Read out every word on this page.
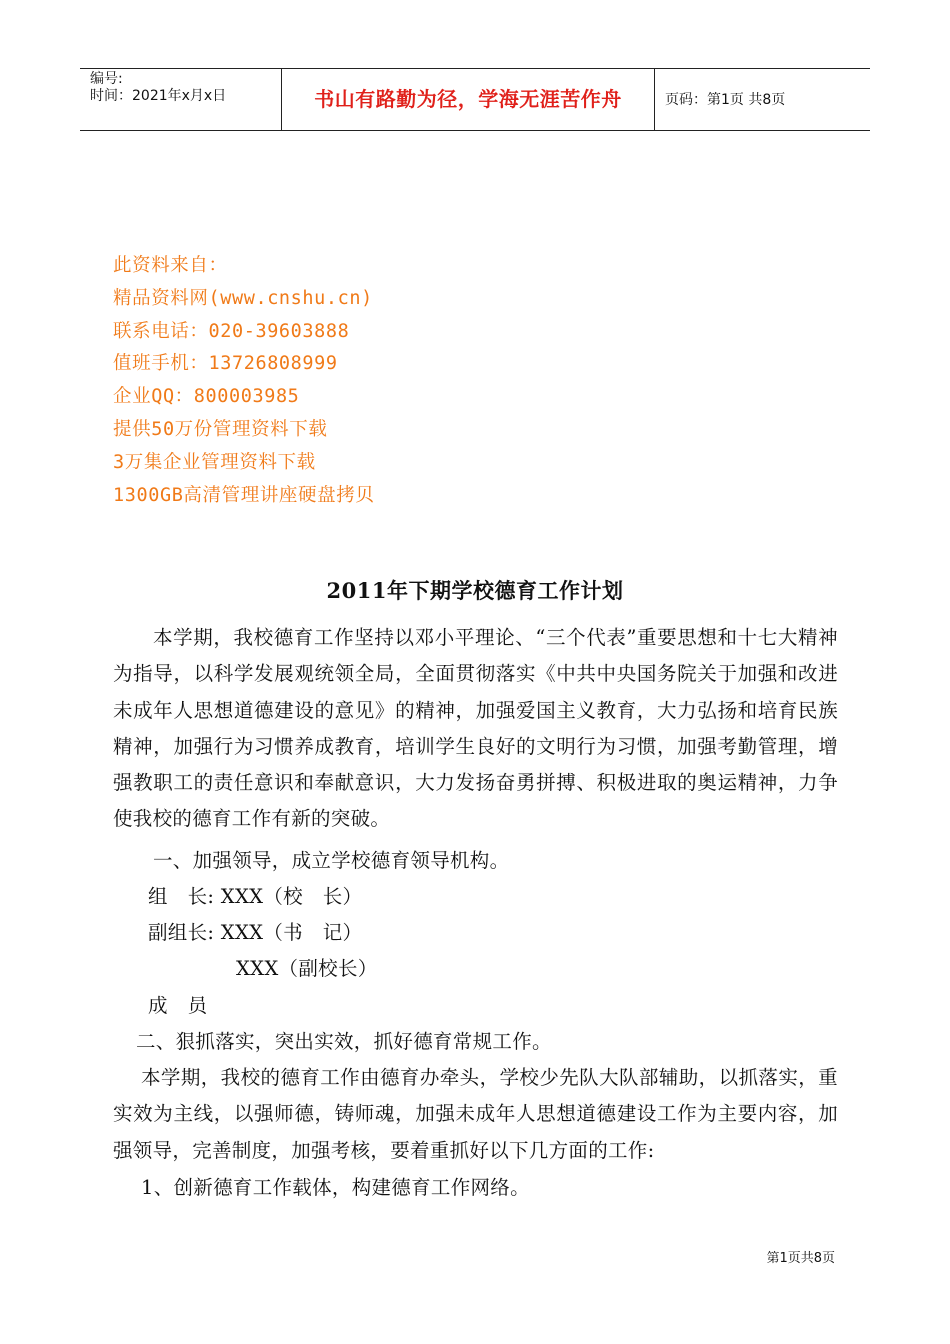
编号:
时间：2021年x月x日	书山有路勤为径，学海无涯苦作舟	页码：第1页 共8页
此资料来自：
精品资料网(www.cnshu.cn)
联系电话：020-39603888
值班手机：13726808999
企业QQ：800003985
提供50万份管理资料下载
3万集企业管理资料下载
1300GB高清管理讲座硬盘拷贝
2011年下期学校德育工作计划
本学期，我校德育工作坚持以邓小平理论、“三个代表”重要思想和十七大精神为指导，以科学发展观统领全局，全面贯彻落实《中共中央国务院关于加强和改进未成年人思想道德建设的意见》的精神，加强爱国主义教育，大力弘扬和培育民族精神，加强行为习惯养成教育，培训学生良好的文明行为习惯，加强考勤管理，增强教职工的责任意识和奉献意识，大力发扬奋勇拼搏、积极进取的奥运精神，力争使我校的德育工作有新的突破。
一、加强领导，成立学校德育领导机构。
组　长: XXX（校　长）
副组长: XXX（书　记）
XXX（副校长）
成　员
二、狠抓落实，突出实效，抓好德育常规工作。
本学期，我校的德育工作由德育办牵头，学校少先队大队部辅助，以抓落实，重实效为主线，以强师德，铸师魂，加强未成年人思想道德建设工作为主要内容，加强领导，完善制度，加强考核，要着重抓好以下几方面的工作:
1、创新德育工作载体，构建德育工作网络。
第1页共8页
